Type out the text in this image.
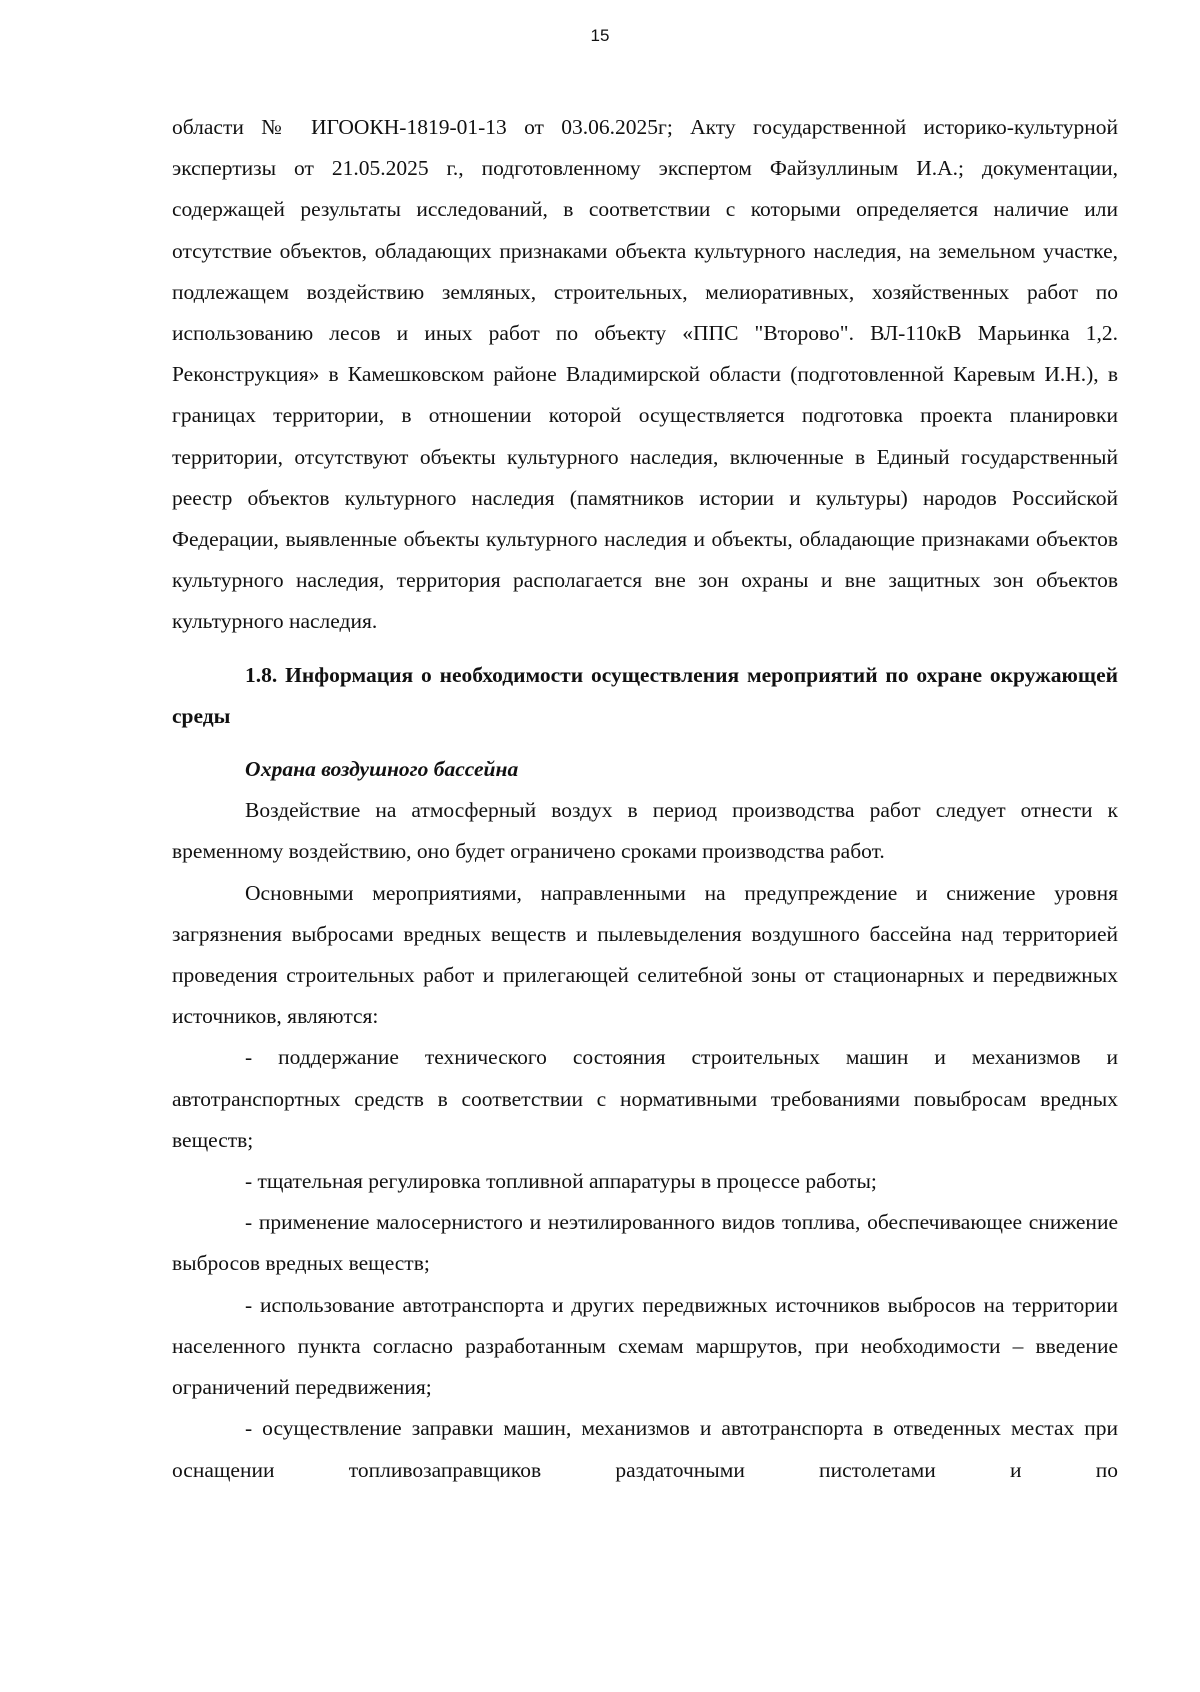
15

области № ИГООКН-1819-01-13 от 03.06.2025г; Акту государственной историко-культурной экспертизы от 21.05.2025 г., подготовленному экспертом Файзуллиным И.А.; документации, содержащей результаты исследований, в соответствии с которыми определяется наличие или отсутствие объектов, обладающих признаками объекта культурного наследия, на земельном участке, подлежащем воздействию земляных, строительных, мелиоративных, хозяйственных работ по использованию лесов и иных работ по объекту «ППС "Второво". ВЛ-110кВ Марьинка 1,2. Реконструкция» в Камешковском районе Владимирской области (подготовленной Каревым И.Н.), в границах территории, в отношении которой осуществляется подготовка проекта планировки территории, отсутствуют объекты культурного наследия, включенные в Единый государственный реестр объектов культурного наследия (памятников истории и культуры) народов Российской Федерации, выявленные объекты культурного наследия и объекты, обладающие признаками объектов культурного наследия, территория располагается вне зон охраны и вне защитных зон объектов культурного наследия.

1.8. Информация о необходимости осуществления мероприятий по охране окружающей среды

Охрана воздушного бассейна

Воздействие на атмосферный воздух в период производства работ следует отнести к временному воздействию, оно будет ограничено сроками производства работ.

Основными мероприятиями, направленными на предупреждение и снижение уровня загрязнения выбросами вредных веществ и пылевыделения воздушного бассейна над территорией проведения строительных работ и прилегающей селитебной зоны от стационарных и передвижных источников, являются:

- поддержание технического состояния строительных машин и механизмов и автотранспортных средств в соответствии с нормативными требованиями повыбросам вредных веществ;

- тщательная регулировка топливной аппаратуры в процессе работы;

- применение малосернистого и неэтилированного видов топлива, обеспечивающее снижение выбросов вредных веществ;

- использование автотранспорта и других передвижных источников выбросов на территории населенного пункта согласно разработанным схемам маршрутов, при необходимости – введение ограничений передвижения;

- осуществление заправки машин, механизмов и автотранспорта в отведенных местах при оснащении топливозаправщиков раздаточными пистолетами и по
